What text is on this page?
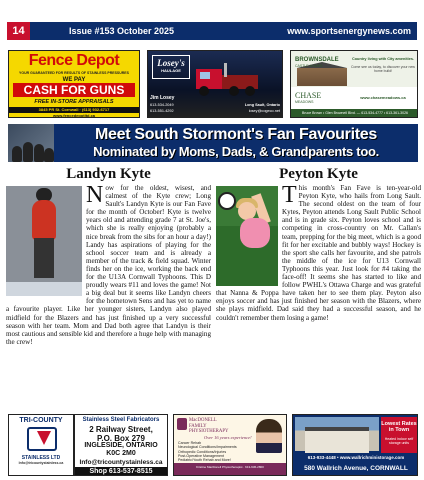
14	Issue #153 October 2025	www.sportsenergynews.com
Fence Depot
YOUR GUARANTEED FOR RESULTS OF STAINLESS PRESSURES
WE PAY
CASH FOR GUNS
FREE IN-STORE APPRAISALS
3845 PR St. Cornwall · (613) 932-6717
www.fencedepotltd.ca
Losey's
HAULAGE
Jim Losey
613-534-2049
613-551-4292
Long Sault, Ontario
losey@cogeco.net
BROWNSDALE
CASTLE HOMES
Country living with City amenities.
Come see us today, to discover your new home build!
CHASE
MEADOWS
www.chasemeadows.ca
Bruce Brown • Glen Brownell Blvd. — 613-534-4777 • 613-361-3026
Meet South Stormont's Fan Favourites
Nominated by Moms, Dads, & Grandparents too.
Landyn Kyte
Now for the oldest, wisest, and calmest of the Kyte crew; Long Sault's Landyn Kyte is our Fan Fave for the month of October! Kyte is twelve years old and attending grade 7 at St. Joe's, which she is really enjoying (probably a nice break from the sibs for an hour a day!) Landy has aspirations of playing for the school soccer team and is already a member of the track & field squad. Winter finds her on the ice, working the back end for the U13A Cornwall Typhoons. This D proudly wears #11 and loves the game! Not a big deal but it seems like Landyn cheers for the hometown Sens and has yet to name a favourite player. Like her younger sisters, Landyn also played midfield for the Blazers and has just finished up a very successful season with her team. Mom and Dad both agree that Landyn is their most cautious and sensible kid and therefore a huge help with managing the crew!
Peyton Kyte
This month's Fan Fave is ten-year-old Peyton Kyte, who hails from Long Sault. The second oldest on the team of four Kytes, Peyton attends Long Sault Public School and is in grade six. Peyton loves school and is competing in cross-country on Mr. Callan's team, prepping for the big meet, which is a good fit for her excitable and bubbly ways! Hockey is the sport she calls her favourite, and she patrols the middle of the ice for U13 Cornwall Typhoons this year. Just look for #4 taking the face-off! It seems she has started to like and follow PWHL's Ottawa Charge and was grateful that Nanna & Poppa have taken her to see them play. Peyton also enjoys soccer and has just finished her season with the Blazers, where she plays midfield. Dad said they had a successful season, and he couldn't remember them losing a game!
TRI-COUNTY
STAINLESS LTD
Info@tricountystainless.ca
Stainless Steel Fabricators
2 Railway Street,
P.O. Box 279
INGLESIDE, ONTARIO
K0C 2M0
Info@tricountystainless.ca
Shop 613-537-8515
MacDONELL
FAMILY
PHYSIOTHERAPY
Over 16 years experience!
Cancer Rehab
Neurological Conditions/Impairments
Orthopedic Conditions/Injuries
Post-Operative Management
Pediatric/Youth Rehab and More!
Kristine MacDonell Physiotherapist · 613-936-2800
Lowest Rates in Town
Heated indoor self storage units
613-933-4448 • www.wallrichministorage.com
580 Wallrich Avenue, CORNWALL
